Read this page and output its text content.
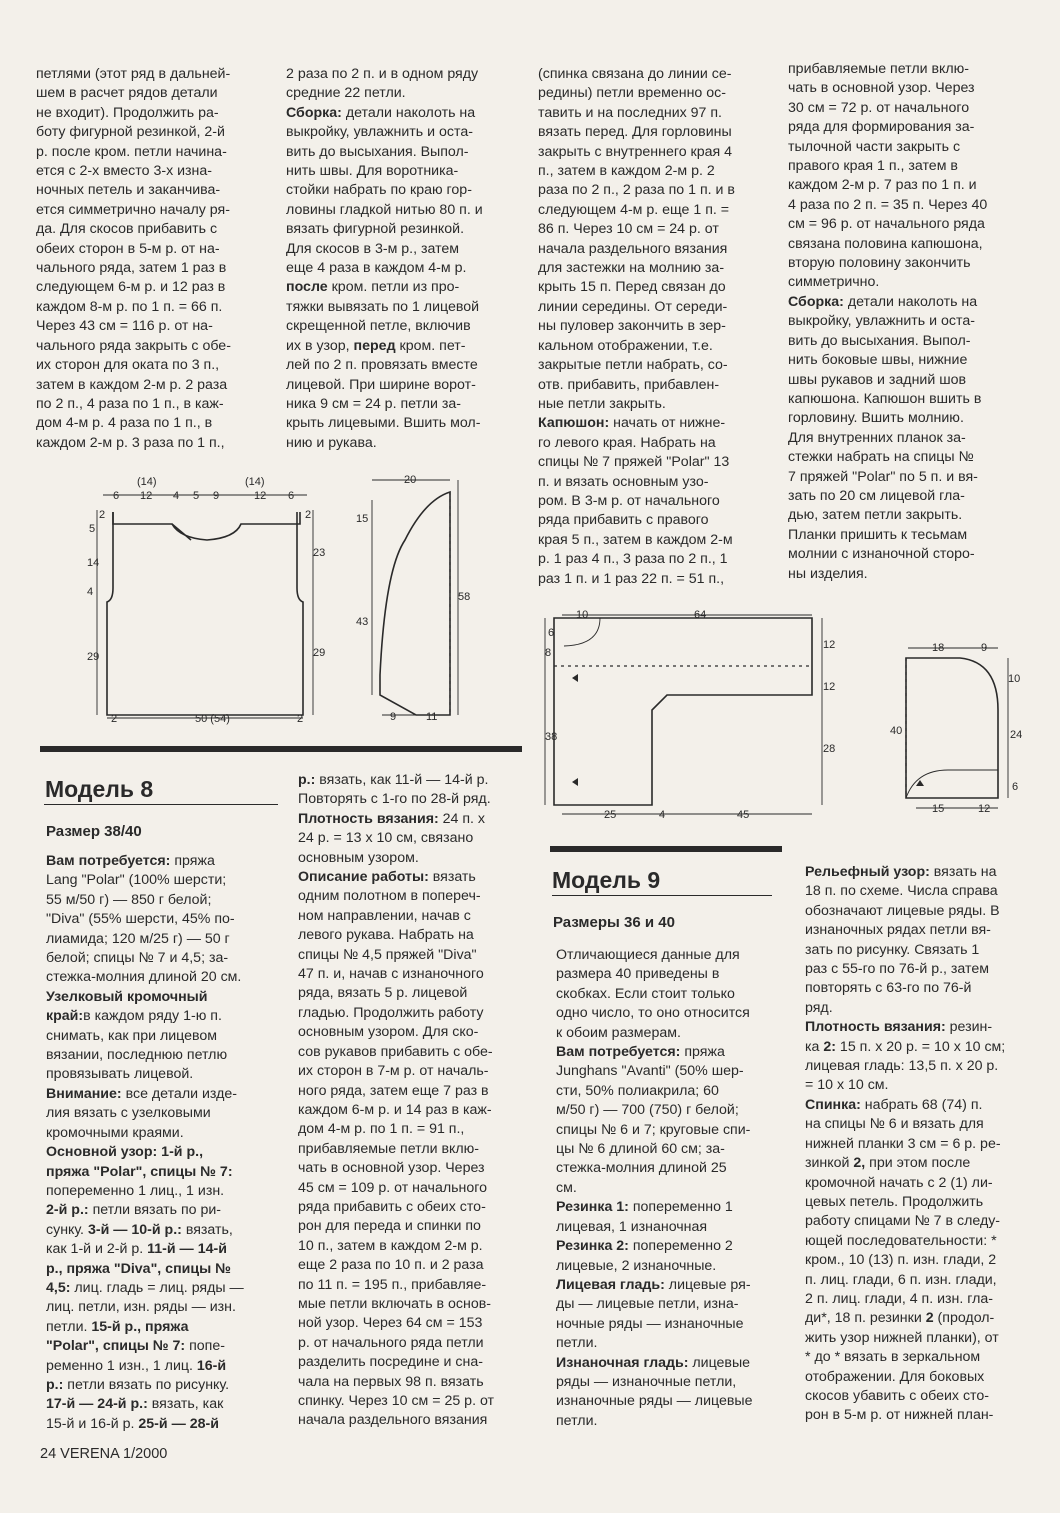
петлями (этот ряд в дальней-

шем в расчет рядов детали

не входит). Продолжить ра-

боту фигурной резинкой, 2-й

р. после кром. петли начина-

ется с 2-х вместо 3-х изна-

ночных петель и заканчива-

ется симметрично началу ря-

да. Для скосов прибавить с

обеих сторон в 5-м р. от на-

чального ряда, затем 1 раз в

следующем 6-м р. и 12 раз в

каждом 8-м р. по 1 п. = 66 п.

Через 43 см = 116 р. от на-

чального ряда закрыть с обе-

их сторон для оката по 3 п.,

затем в каждом 2-м р. 2 раза

по 2 п., 4 раза по 1 п., в каж-

дом 4-м р. 4 раза по 1 п., в

каждом 2-м р. 3 раза по 1 п.,

2 раза по 2 п. и в одном ряду

средние 22 петли.

Сборка: детали наколоть на

выкройку, увлажнить и оста-

вить до высыхания. Выпол-

нить швы. Для воротника-

стойки набрать по краю гор-

ловины гладкой нитью 80 п. и

вязать фигурной резинкой.

Для скосов в 3-м р., затем

еще 4 раза в каждом 4-м р.

после кром. петли из про-

тяжки вывязать по 1 лицевой

скрещенной петле, включив

их в узор, перед кром. пет-

лей по 2 п. провязать вместе

лицевой. При ширине ворот-

ника 9 см = 24 р. петли за-

крыть лицевыми. Вшить мол-

нию и рукава.

(спинка связана до линии се-

редины) петли временно ос-

тавить и на последних 97 п.

вязать перед. Для горловины

закрыть с внутреннего края 4

п., затем в каждом 2-м р. 2

раза по 2 п., 2 раза по 1 п. и в

следующем 4-м р. еще 1 п. =

86 п. Через 10 см = 24 р. от

начала раздельного вязания

для застежки на молнию за-

крыть 15 п. Перед связан до

линии середины. От середи-

ны пуловер закончить в зер-

кальном отображении, т.е.

закрытые петли набрать, со-

отв. прибавить, прибавлен-

ные петли закрыть.

Капюшон: начать от нижне-

го левого края. Набрать на

спицы № 7 пряжей "Polar" 13

п. и вязать основным узо-

ром. В 3-м р. от начального

ряда прибавить с правого

края 5 п., затем в каждом 2-м

р. 1 раз 4 п., 3 раза по 2 п., 1

раз 1 п. и 1 раз 22 п. = 51 п.,

прибавляемые петли вклю-

чать в основной узор. Через

30 см = 72 р. от начального

ряда для формирования за-

тылочной части закрыть с

правого края 1 п., затем в

каждом 2-м р. 7 раз по 1 п. и

4 раза по 2 п. = 35 п. Через 40

см = 96 р. от начального ряда

связана половина капюшона,

вторую половину закончить

симметрично.

Сборка: детали наколоть на

выкройку, увлажнить и оста-

вить до высыхания. Выпол-

нить боковые швы, нижние

швы рукавов и задний шов

капюшона. Капюшон вшить в

горловину. Вшить молнию.

Для внутренних планок за-

стежки набрать на спицы №

7 пряжей "Polar" по 5 п. и вя-

зать по 20 см лицевой гла-

дью, затем петли закрыть.

Планки пришить к тесьмам

молнии с изнаночной сторо-

ны изделия.

(14)	(14)
6 12 4 5 9	12 6
2
5
14
4
29
2
23
29
2	50 (54)	2
20
15
43
58
9	11
10	64
6
8
12
12
38
28
25	4	45
18	9
10
40	24
6
15	12
Модель 8
Размер 38/40

Вам потребуется: пряжа

Lang "Polar" (100% шерсти;

55 м/50 г) — 850 г белой;

"Diva" (55% шерсти, 45% по-

лиамида; 120 м/25 г) — 50 г

белой; спицы № 7 и 4,5; за-

стежка-молния длиной 20 см.

Узелковый кромочный

край:в каждом ряду 1-ю п.

снимать, как при лицевом

вязании, последнюю петлю

провязывать лицевой.

Внимание: все детали изде-

лия вязать с узелковыми

кромочными краями.

Основной узор: 1-й р.,

пряжа "Polar", спицы № 7:

попеременно 1 лиц., 1 изн.

2-й р.: петли вязать по ри-

сунку. 3-й — 10-й р.: вязать,

как 1-й и 2-й р. 11-й — 14-й

р., пряжа "Diva", спицы №

4,5: лиц. гладь = лиц. ряды —

лиц. петли, изн. ряды — изн.

петли. 15-й р., пряжа

"Polar", спицы № 7: попе-

ременно 1 изн., 1 лиц. 16-й

р.: петли вязать по рисунку.

17-й — 24-й р.: вязать, как

15-й и 16-й р. 25-й — 28-й

р.: вязать, как 11-й — 14-й р.

Повторять с 1-го по 28-й ряд.

Плотность вязания: 24 п. х

24 р. = 13 х 10 см, связано

основным узором.

Описание работы: вязать

одним полотном в попереч-

ном направлении, начав с

левого рукава. Набрать на

спицы № 4,5 пряжей "Diva"

47 п. и, начав с изнаночного

ряда, вязать 5 р. лицевой

гладью. Продолжить работу

основным узором. Для ско-

сов рукавов прибавить с обе-

их сторон в 7-м р. от началь-

ного ряда, затем еще 7 раз в

каждом 6-м р. и 14 раз в каж-

дом 4-м р. по 1 п. = 91 п.,

прибавляемые петли вклю-

чать в основной узор. Через

45 см = 109 р. от начального

ряда прибавить с обеих сто-

рон для переда и спинки по

10 п., затем в каждом 2-м р.

еще 2 раза по 10 п. и 2 раза

по 11 п. = 195 п., прибавляе-

мые петли включать в основ-

ной узор. Через 64 см = 153

р. от начального ряда петли

разделить посредине и сна-

чала на первых 98 п. вязать

спинку. Через 10 см = 25 р. от

начала раздельного вязания

Модель 9
Размеры 36 и 40

Отличающиеся данные для

размера 40 приведены в

скобках. Если стоит только

одно число, то оно относится

к обоим размерам.

Вам потребуется: пряжа

Junghans "Avanti" (50% шер-

сти, 50% полиакрила; 60

м/50 г) — 700 (750) г белой;

спицы № 6 и 7; круговые спи-

цы № 6 длиной 60 см; за-

стежка-молния длиной 25

см.

Резинка 1: попеременно 1

лицевая, 1 изнаночная

Резинка 2: попеременно 2

лицевые, 2 изнаночные.

Лицевая гладь: лицевые ря-

ды — лицевые петли, изна-

ночные ряды — изнаночные

петли.

Изнаночная гладь: лицевые

ряды — изнаночные петли,

изнаночные ряды — лицевые

петли.

Рельефный узор: вязать на

18 п. по схеме. Числа справа

обозначают лицевые ряды. В

изнаночных рядах петли вя-

зать по рисунку. Связать 1

раз с 55-го по 76-й р., затем

повторять с 63-го по 76-й

ряд.

Плотность вязания: резин-

ка 2: 15 п. х 20 р. = 10 х 10 см;

лицевая гладь: 13,5 п. х 20 р.

= 10 х 10 см.

Спинка: набрать 68 (74) п.

на спицы № 6 и вязать для

нижней планки 3 см = 6 р. ре-

зинкой 2, при этом после

кромочной начать с 2 (1) ли-

цевых петель. Продолжить

работу спицами № 7 в следу-

ющей последовательности: *

кром., 10 (13) п. изн. глади, 2

п. лиц. глади, 6 п. изн. глади,

2 п. лиц. глади, 4 п. изн. гла-

ди*, 18 п. резинки 2 (продол-

жить узор нижней планки), от

* до * вязать в зеркальном

отображении. Для боковых

скосов убавить с обеих сто-

рон в 5-м р. от нижней план-

24 VERENA 1/2000
